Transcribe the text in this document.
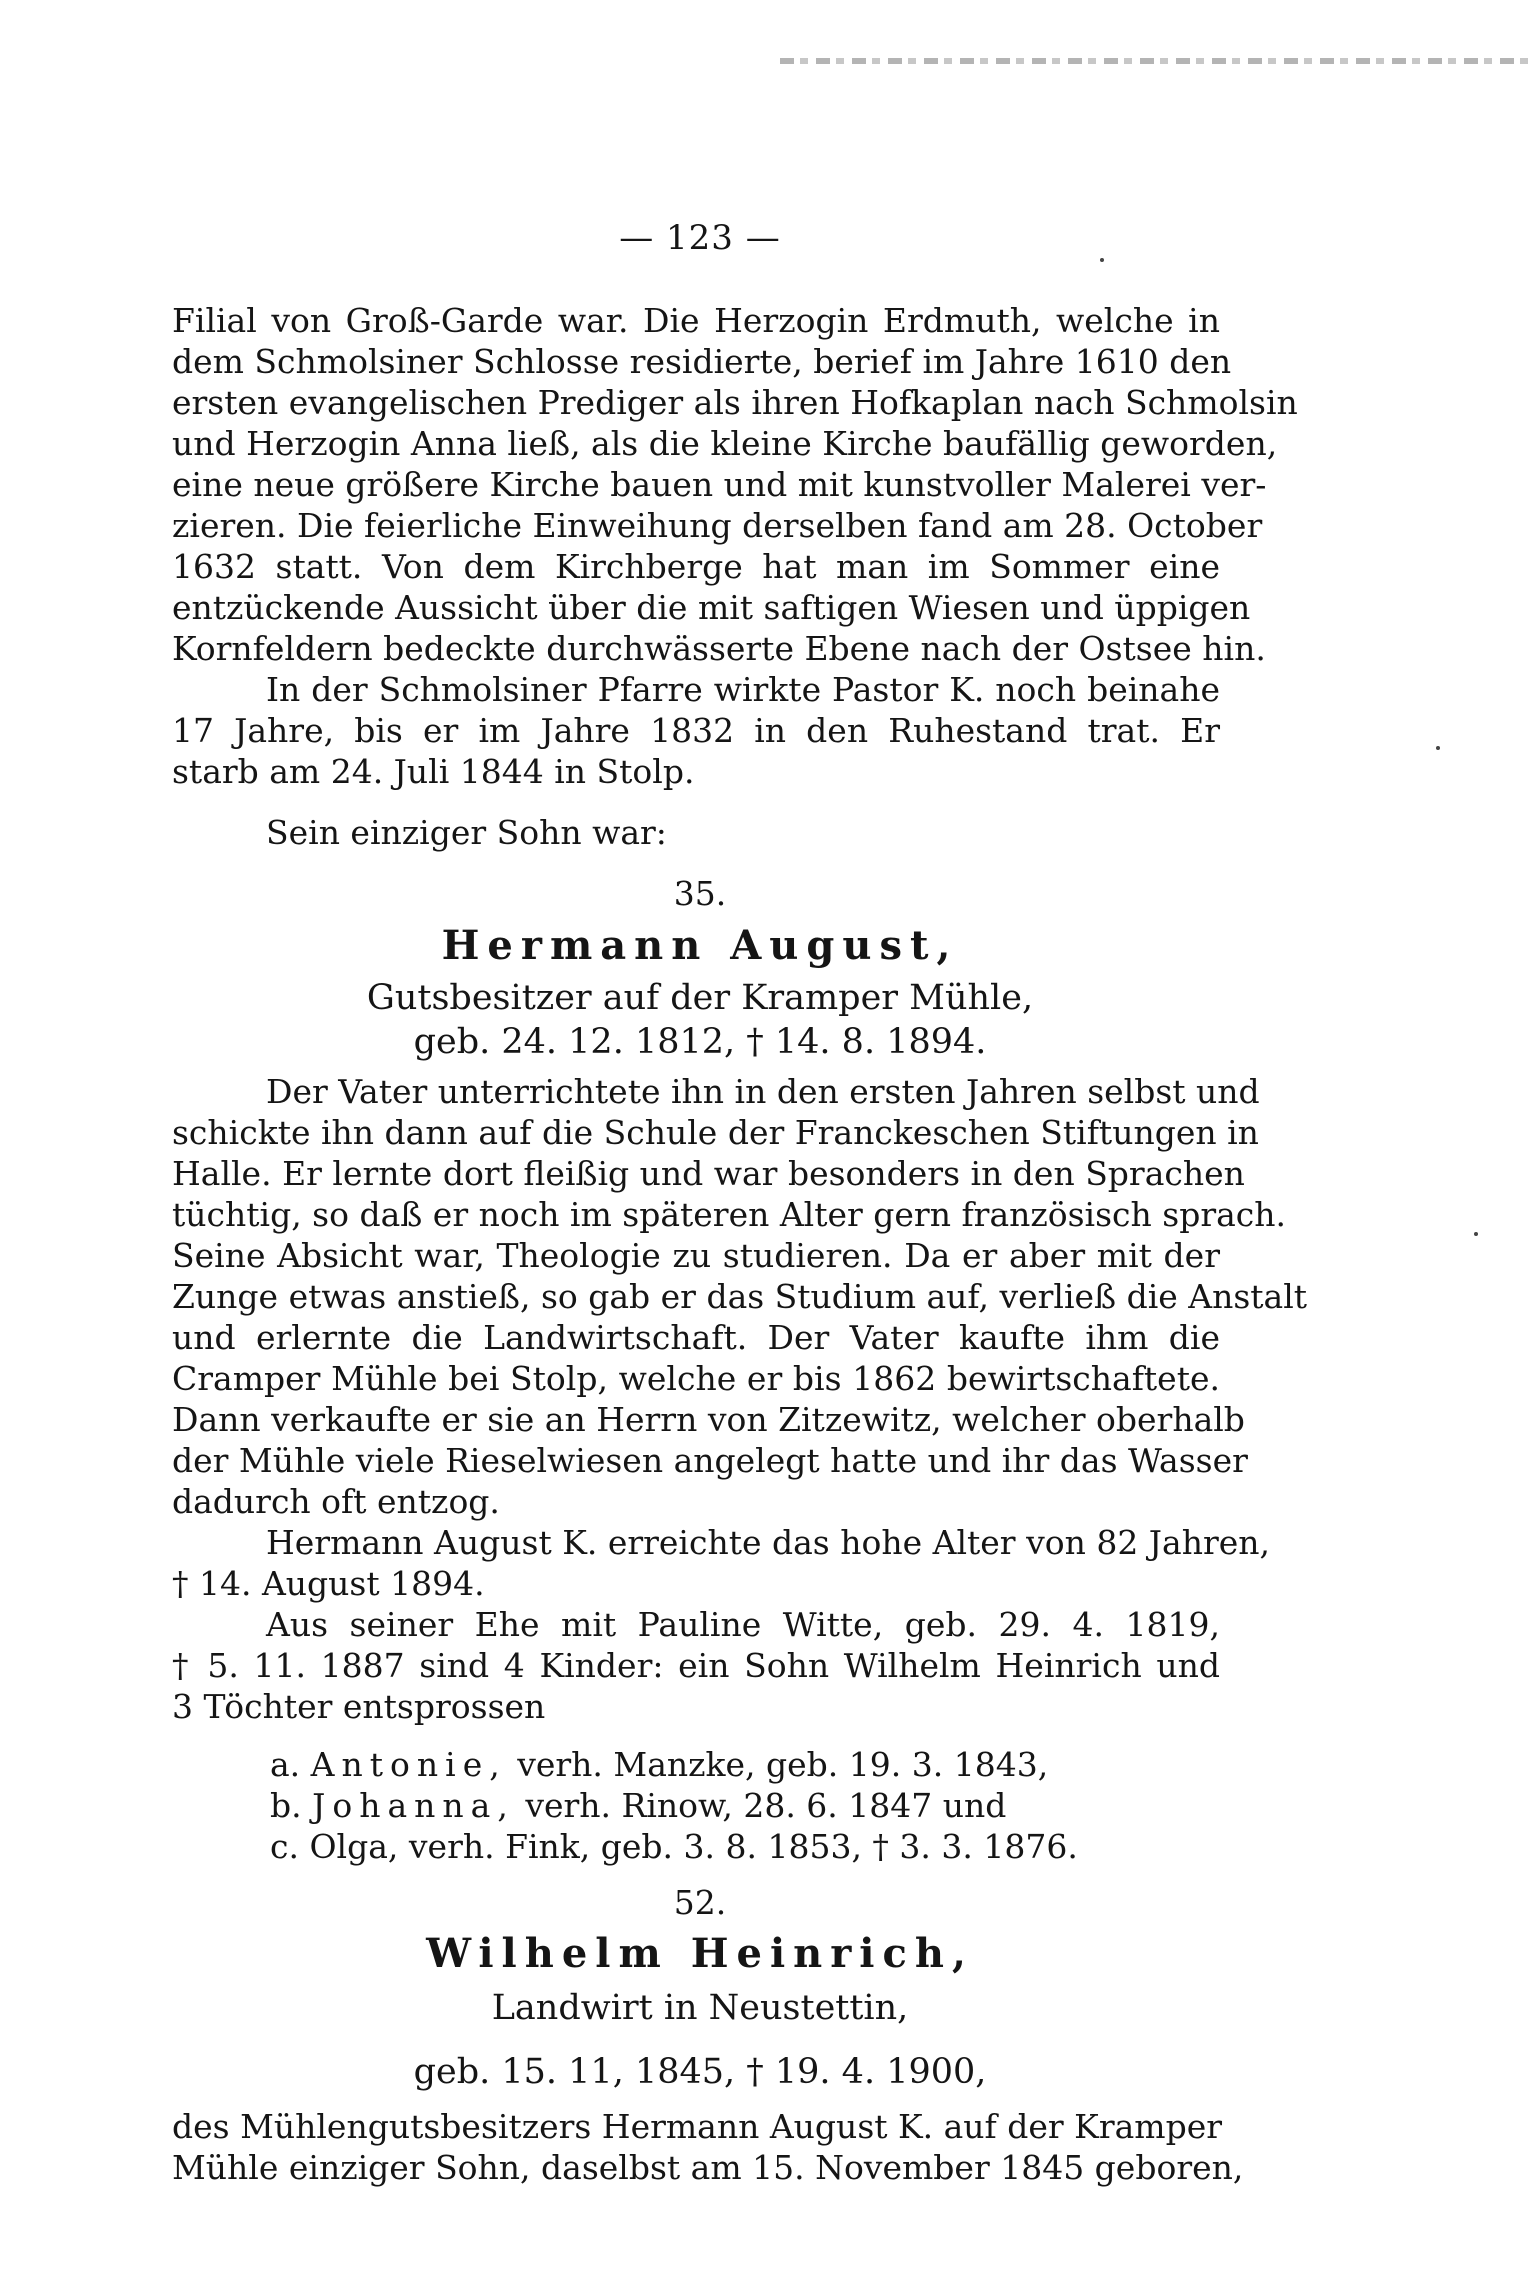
— 123 —
Filial von Groß-Garde war. Die Herzogin Erdmuth, welche in
dem Schmolsiner Schlosse residierte, berief im Jahre 1610 den
ersten evangelischen Prediger als ihren Hofkaplan nach Schmolsin
und Herzogin Anna ließ, als die kleine Kirche baufällig geworden,
eine neue größere Kirche bauen und mit kunstvoller Malerei ver-
zieren. Die feierliche Einweihung derselben fand am 28. October
1632 statt. Von dem Kirchberge hat man im Sommer eine
entzückende Aussicht über die mit saftigen Wiesen und üppigen
Kornfeldern bedeckte durchwässerte Ebene nach der Ostsee hin.
In der Schmolsiner Pfarre wirkte Pastor K. noch beinahe
17 Jahre, bis er im Jahre 1832 in den Ruhestand trat. Er
starb am 24. Juli 1844 in Stolp.
Sein einziger Sohn war:
35.
Hermann August,
Gutsbesitzer auf der Kramper Mühle,
geb. 24. 12. 1812, † 14. 8. 1894.
Der Vater unterrichtete ihn in den ersten Jahren selbst und
schickte ihn dann auf die Schule der Franckeschen Stiftungen in
Halle. Er lernte dort fleißig und war besonders in den Sprachen
tüchtig, so daß er noch im späteren Alter gern französisch sprach.
Seine Absicht war, Theologie zu studieren. Da er aber mit der
Zunge etwas anstieß, so gab er das Studium auf, verließ die Anstalt
und erlernte die Landwirtschaft. Der Vater kaufte ihm die
Cramper Mühle bei Stolp, welche er bis 1862 bewirtschaftete.
Dann verkaufte er sie an Herrn von Zitzewitz, welcher oberhalb
der Mühle viele Rieselwiesen angelegt hatte und ihr das Wasser
dadurch oft entzog.
Hermann August K. erreichte das hohe Alter von 82 Jahren,
† 14. August 1894.
Aus seiner Ehe mit Pauline Witte, geb. 29. 4. 1819,
† 5. 11. 1887 sind 4 Kinder: ein Sohn Wilhelm Heinrich und
3 Töchter entsprossen
a. Antonie, verh. Manzke, geb. 19. 3. 1843,
b. Johanna, verh. Rinow, 28. 6. 1847 und
c. Olga, verh. Fink, geb. 3. 8. 1853, † 3. 3. 1876.
52.
Wilhelm Heinrich,
Landwirt in Neustettin,
geb. 15. 11, 1845, † 19. 4. 1900,
des Mühlengutsbesitzers Hermann August K. auf der Kramper
Mühle einziger Sohn, daselbst am 15. November 1845 geboren,
